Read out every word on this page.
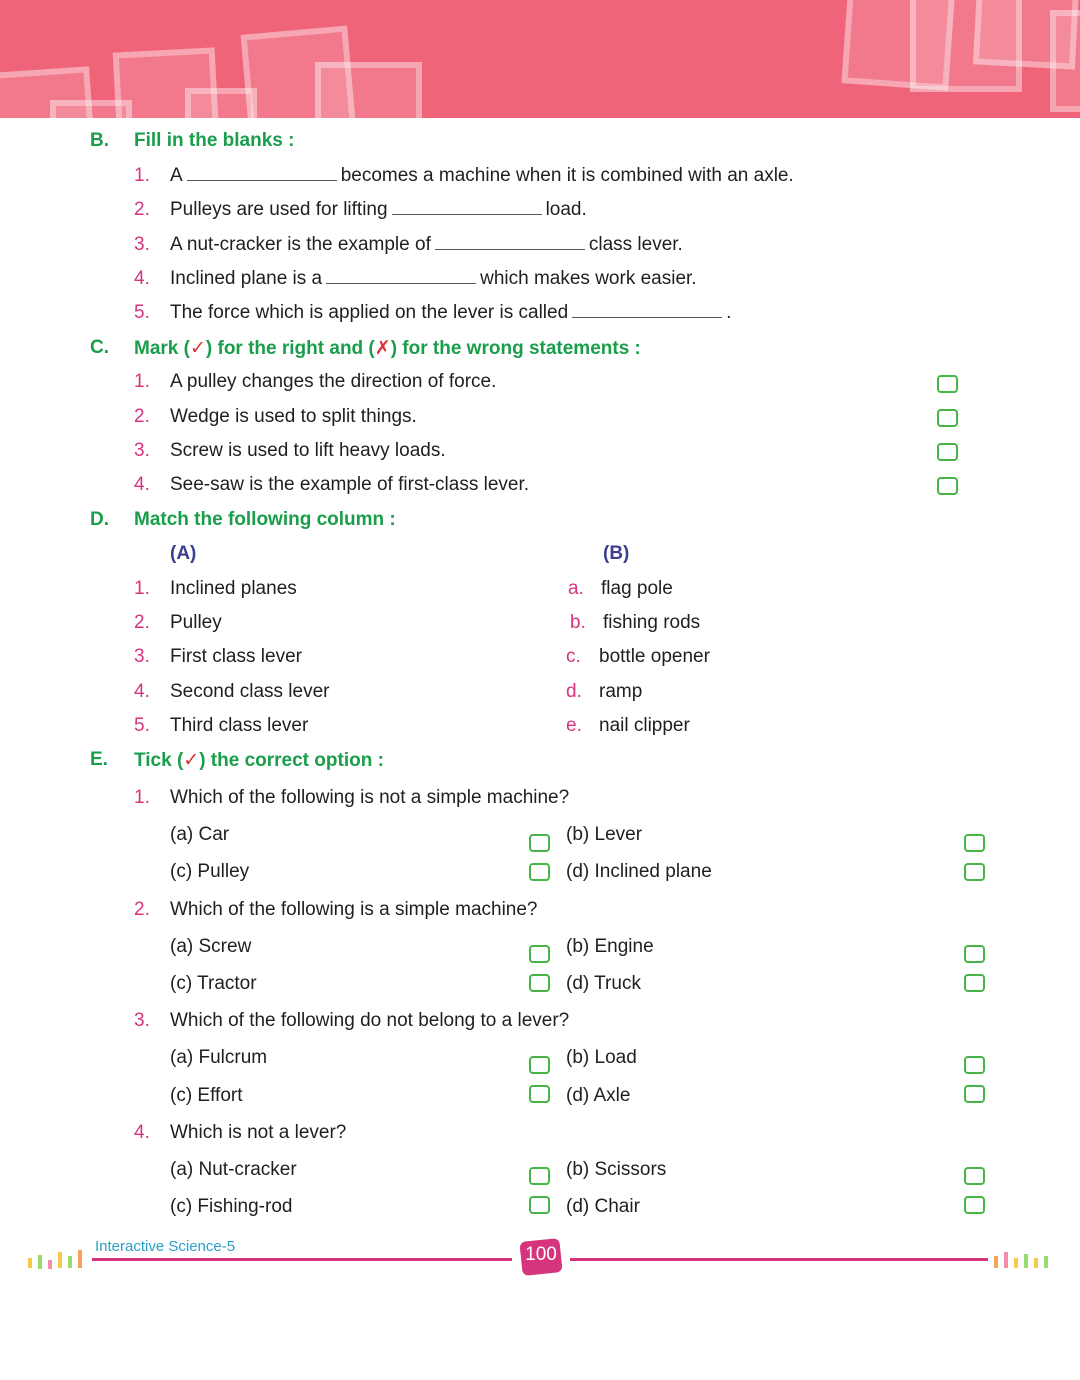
B. Fill in the blanks :
1. A	becomes a machine when it is combined with an axle.
2. Pulleys are used for lifting	load.
3. A nut-cracker is the example of	class lever.
4. Inclined plane is a	which makes work easier.
5. The force which is applied on the lever is called	.
C. Mark (✓) for the right and (✗) for the wrong statements :
1. A pulley changes the direction of force.
2. Wedge is used to split things.
3. Screw is used to lift heavy loads.
4. See-saw is the example of first-class lever.
D. Match the following column :
(A)	(B)
1. Inclined planes	a. flag pole
2. Pulley	b. fishing rods
3. First class lever	c. bottle opener
4. Second class lever	d. ramp
5. Third class lever	e. nail clipper
E. Tick (✓) the correct option :
1. Which of the following is not a simple machine?
(a) Car	(b) Lever
(c) Pulley	(d) Inclined plane
2. Which of the following is a simple machine?
(a) Screw	(b) Engine
(c) Tractor	(d) Truck
3. Which of the following do not belong to a lever?
(a) Fulcrum	(b) Load
(c) Effort	(d) Axle
4. Which is not a lever?
(a) Nut-cracker	(b) Scissors
(c) Fishing-rod	(d) Chair
Interactive Science-5	100
